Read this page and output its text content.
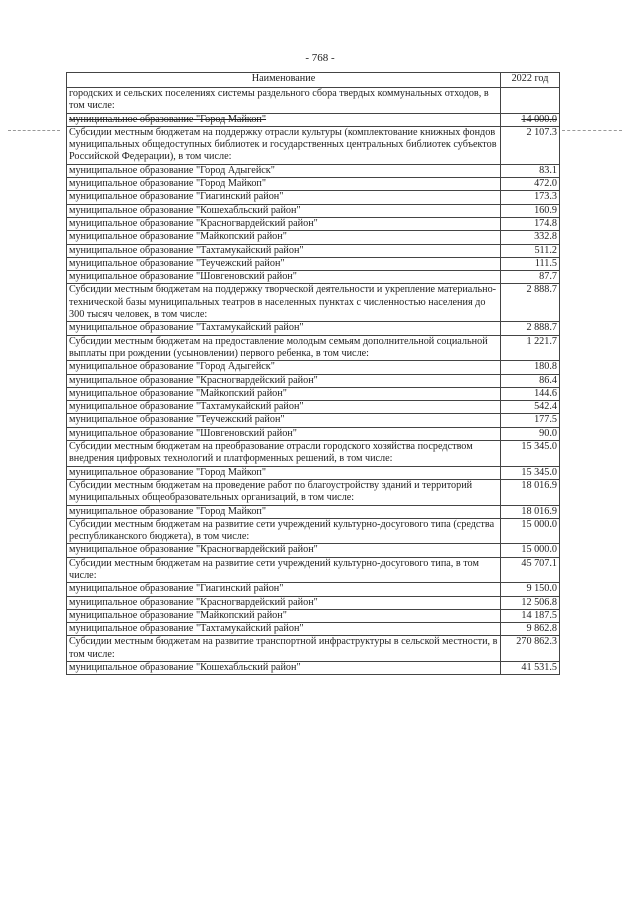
- 768 -
Наименование	2022 год
городских и сельских поселениях системы раздельного сбора твердых коммунальных отходов, в том числе:	
муниципальное образование "Город Майкоп"	14 000.0
Субсидии местным бюджетам на поддержку отрасли культуры (комплектование книжных фондов муниципальных общедоступных библиотек и государственных центральных библиотек субъектов Российской Федерации), в том числе:	2 107.3
муниципальное образование "Город Адыгейск"	83.1
муниципальное образование "Город Майкоп"	472.0
муниципальное образование "Гиагинский район"	173.3
муниципальное образование "Кошехабльский район"	160.9
муниципальное образование "Красногвардейский район"	174.8
муниципальное образование "Майкопский район"	332.8
муниципальное образование "Тахтамукайский район"	511.2
муниципальное образование "Теучежский район"	111.5
муниципальное образование "Шовгеновский район"	87.7
Субсидии местным бюджетам на поддержку творческой деятельности и укрепление материально-технической базы муниципальных театров в населенных пунктах с численностью населения до 300 тысяч человек, в том числе:	2 888.7
муниципальное образование "Тахтамукайский район"	2 888.7
Субсидии местным бюджетам на предоставление молодым семьям дополнительной социальной выплаты при рождении (усыновлении) первого ребенка, в том числе:	1 221.7
муниципальное образование "Город Адыгейск"	180.8
муниципальное образование "Красногвардейский район"	86.4
муниципальное образование "Майкопский район"	144.6
муниципальное образование "Тахтамукайский район"	542.4
муниципальное образование "Теучежский район"	177.5
муниципальное образование "Шовгеновский район"	90.0
Субсидии местным бюджетам на преобразование отрасли городского хозяйства посредством внедрения цифровых технологий и платформенных решений, в том числе:	15 345.0
муниципальное образование "Город Майкоп"	15 345.0
Субсидии местным бюджетам на проведение работ по благоустройству зданий и территорий муниципальных общеобразовательных организаций, в том числе:	18 016.9
муниципальное образование "Город Майкоп"	18 016.9
Субсидии местным бюджетам на развитие сети учреждений культурно-досугового типа (средства республиканского бюджета), в том числе:	15 000.0
муниципальное образование "Красногвардейский район"	15 000.0
Субсидии местным бюджетам на развитие сети учреждений культурно-досугового типа, в том числе:	45 707.1
муниципальное образование "Гиагинский район"	9 150.0
муниципальное образование "Красногвардейский район"	12 506.8
муниципальное образование "Майкопский район"	14 187.5
муниципальное образование "Тахтамукайский район"	9 862.8
Субсидии местным бюджетам на развитие транспортной инфраструктуры в сельской местности, в том числе:	270 862.3
муниципальное образование "Кошехабльский район"	41 531.5
